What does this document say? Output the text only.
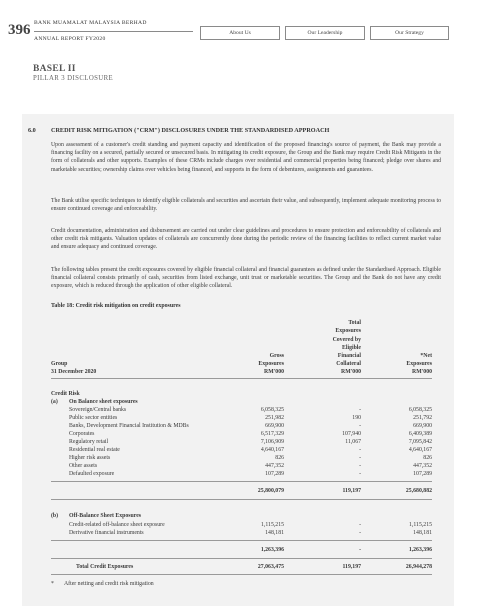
396 BANK MUAMALAT MALAYSIA BERHAD
ANNUAL REPORT FY2020
About Us	Our Leadership	Our Strategy
BASEL II
PILLAR 3 DISCLOSURE
6.0 CREDIT RISK MITIGATION ("CRM") DISCLOSURES UNDER THE STANDARDISED APPROACH

Upon assessment of a customer's credit standing and payment capacity and identification of the proposed financing's source of payment, the Bank may provide a financing facility on a secured, partially secured or unsecured basis. In mitigating its credit exposure, the Group and the Bank may require Credit Risk Mitigants in the form of collaterals and other supports. Examples of these CRMs include charges over residential and commercial properties being financed; pledge over shares and marketable securities; ownership claims over vehicles being financed, and supports in the form of debentures, assignments and guarantees.

The Bank utilise specific techniques to identify eligible collaterals and securities and ascertain their value, and subsequently, implement adequate monitoring process to ensure continued coverage and enforceability.

Credit documentation, administration and disbursement are carried out under clear guidelines and procedures to ensure protection and enforceability of collaterals and other credit risk mitigants. Valuation updates of collaterals are concurrently done during the periodic review of the financing facilities to reflect current market value and ensure adequacy and continued coverage.

The following tables present the credit exposures covered by eligible financial collateral and financial guarantees as defined under the Standardised Approach. Eligible financial collateral consists primarily of cash, securities from listed exchange, unit trust or marketable securities. The Group and the Bank do not have any credit exposure, which is reduced through the application of other eligible collateral.

Table 18: Credit risk mitigation on credit exposures
Group
31 December 2020
Gross
Exposures
RM'000
Total
Exposures
Covered by
Eligible
Financial
Collateral
RM'000
*Net
Exposures
RM'000
Credit Risk
(a) On Balance sheet exposures
Sovereign/Central banks	6,058,325	-	6,058,325
Public sector entities	251,982	190	251,792
Banks, Development Financial Institution & MDBs	669,900	-	669,900
Corporates	6,517,329	107,940	6,409,389
Regulatory retail	7,106,909	11,067	7,095,842
Residential real estate	4,640,167	-	4,640,167
Higher risk assets	826	-	826
Other assets	447,352	-	447,352
Defaulted exposure	107,289	-	107,289
25,800,079	119,197	25,680,882
(b) Off-Balance Sheet Exposures
Credit-related off-balance sheet exposure	1,115,215	-	1,115,215
Derivative financial instruments	148,181	-	148,181
1,263,396	-	1,263,396
Total Credit Exposures	27,063,475	119,197	26,944,278
* After netting and credit risk mitigation
